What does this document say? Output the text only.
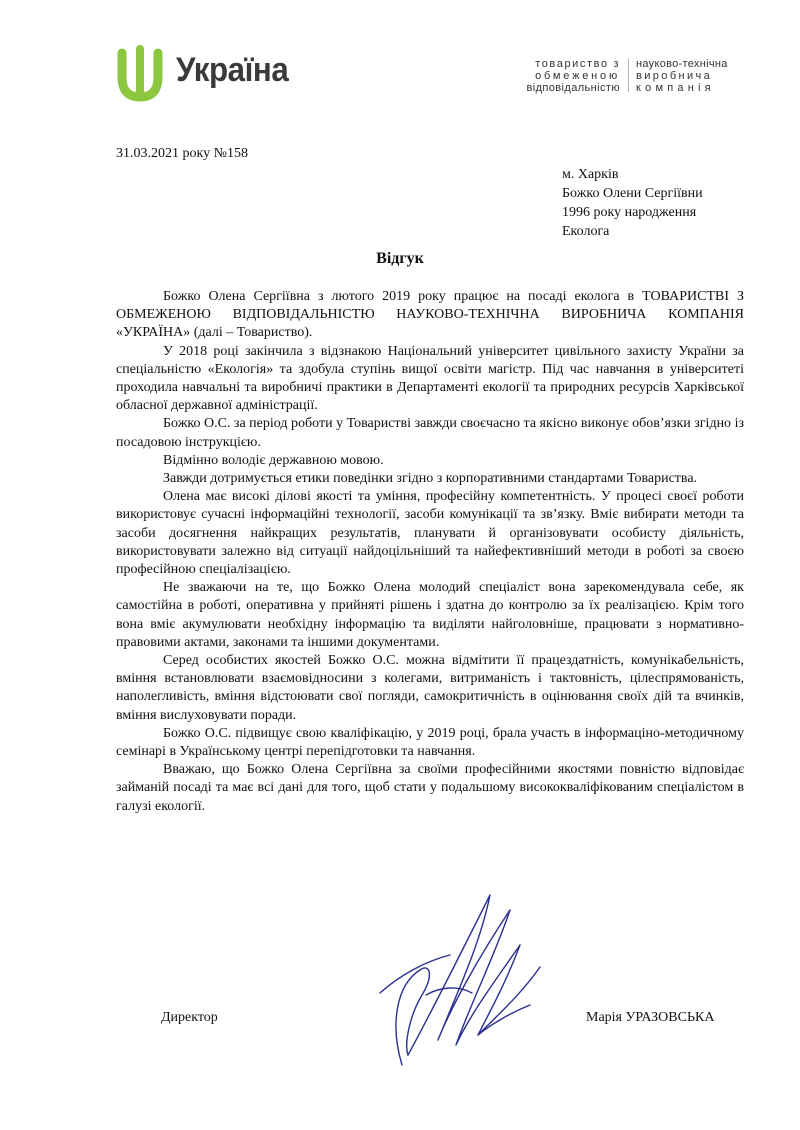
Україна	товариство з
обмеженою
відповідальністю
науково-технічна
виробнича
компанія
31.03.2021 року №158
м. Харків
Божко Олени Сергіївни
1996 року народження
Еколога
Відгук

Божко Олена Сергіївна з лютого 2019 року працює на посаді еколога в ТОВАРИСТВІ З ОБМЕЖЕНОЮ ВІДПОВІДАЛЬНІСТЮ НАУКОВО-ТЕХНІЧНА ВИРОБНИЧА КОМПАНІЯ «УКРАЇНА» (далі – Товариство).

У 2018 році закінчила з відзнакою Національний університет цивільного захисту України за спеціальністю «Екологія» та здобула ступінь вищої освіти магістр. Під час навчання в університеті проходила навчальні та виробничі практики в Департаменті екології та природних ресурсів Харківської обласної державної адміністрації.

Божко О.С. за період роботи у Товаристві завжди своєчасно та якісно виконує обов’язки згідно із посадовою інструкцією.

Відмінно володіє державною мовою.

Завжди дотримується етики поведінки згідно з корпоративними стандартами Товариства.

Олена має високі ділові якості та уміння, професійну компетентність. У процесі своєї роботи використовує сучасні інформаційні технології, засоби комунікації та зв’язку. Вміє вибирати методи та засоби досягнення найкращих результатів, планувати й організовувати особисту діяльність, використовувати залежно від ситуації найдоцільніший та найефективніший методи в роботі за своєю професійною спеціалізацією.

Не зважаючи на те, що Божко Олена молодий спеціаліст вона зарекомендувала себе, як самостійна в роботі, оперативна у прийняті рішень і здатна до контролю за їх реалізацією. Крім того вона вміє акумулювати необхідну інформацію та виділяти найголовніше, працювати з нормативно-правовими актами, законами та іншими документами.

Серед особистих якостей Божко О.С. можна відмітити її працездатність, комунікабельність, вміння встановлювати взаємовідносини з колегами, витриманість і тактовність, цілеспрямованість, наполегливість, вміння відстоювати свої погляди, самокритичність в оцінювання своїх дій та вчинків, вміння вислуховувати поради.

Божко О.С. підвищує свою кваліфікацію, у 2019 році, брала участь в інформаціно-методичному семінарі в Українському центрі перепідготовки та навчання.

Вважаю, що Божко Олена Сергіївна за своїми професійними якостями повністю відповідає займаній посаді та має всі дані для того, щоб стати у подальшому висококваліфікованим спеціалістом в галузі екології.

Директор	Марія УРАЗОВСЬКА
